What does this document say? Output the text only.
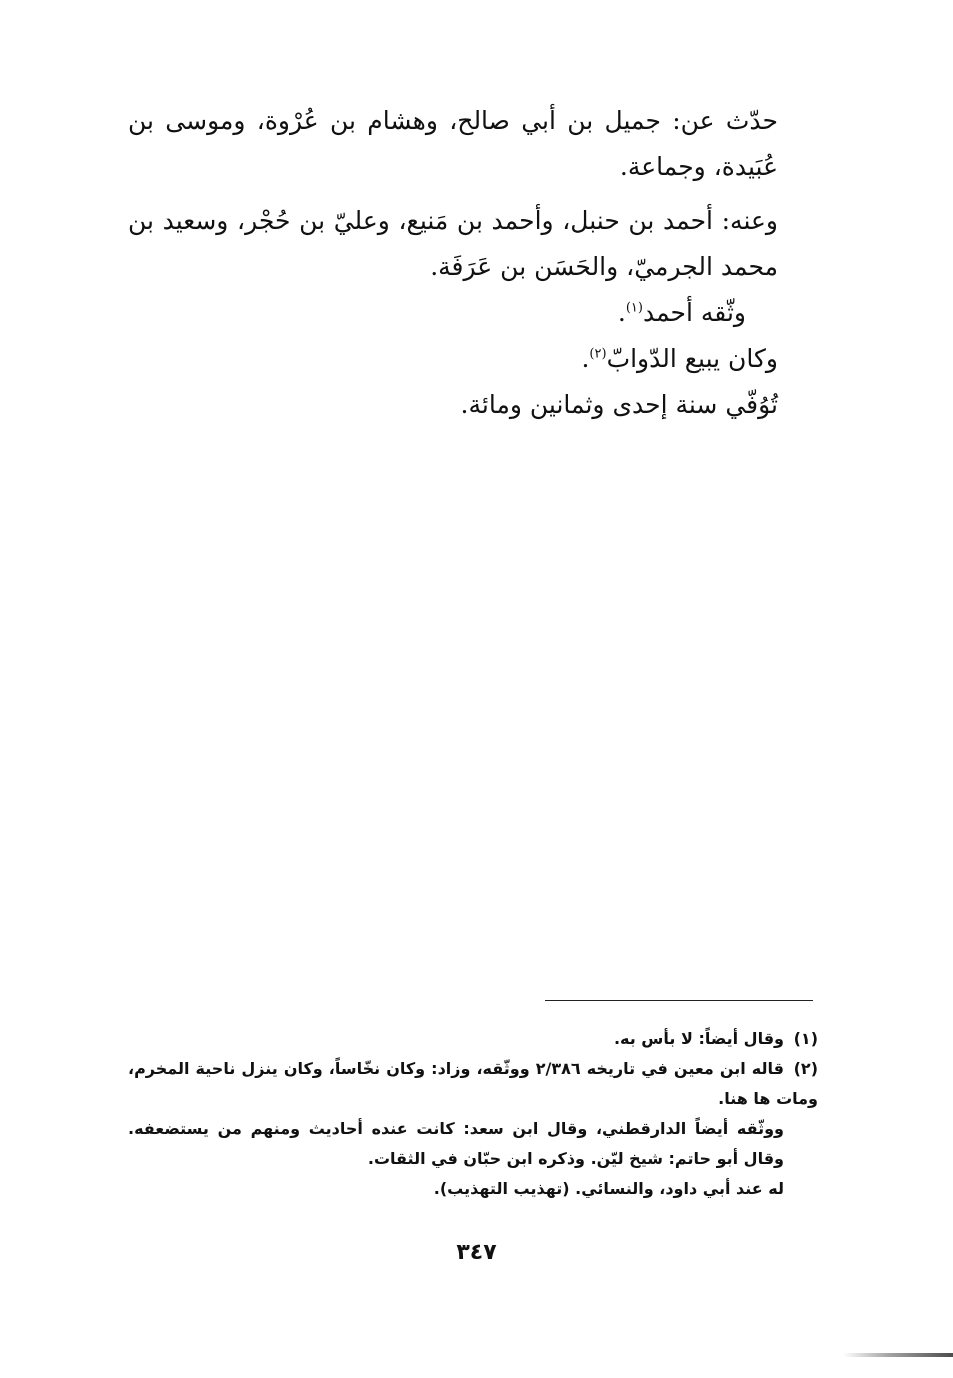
حدّث عن: جميل بن أبي صالح، وهشام بن عُرْوة، وموسى بن عُبَيدة، وجماعة.

وعنه: أحمد بن حنبل، وأحمد بن مَنيع، وعليّ بن حُجْر، وسعيد بن محمد الجرميّ، والحَسَن بن عَرَفَة.

وثّقه أحمد$^{(١)}$.

وكان يبيع الدّوابّ$^{(٢)}$.

تُوُفّي سنة إحدى وثمانين ومائة.

(١)وقال أيضاً: لا بأس به.

(٢)قاله ابن معين في تاريخه ٢/٣٨٦ ووثّقه، وزاد: وكان نخّاساً، وكان ينزل ناحية المخرم، ومات ها هنا.

ووثّقه أيضاً الدارقطني، وقال ابن سعد: كانت عنده أحاديث ومنهم من يستضعفه. وقال أبو حاتم: شيخ ليّن. وذكره ابن حبّان في الثقات.

له عند أبي داود، والنسائي. (تهذيب التهذيب).

٣٤٧
